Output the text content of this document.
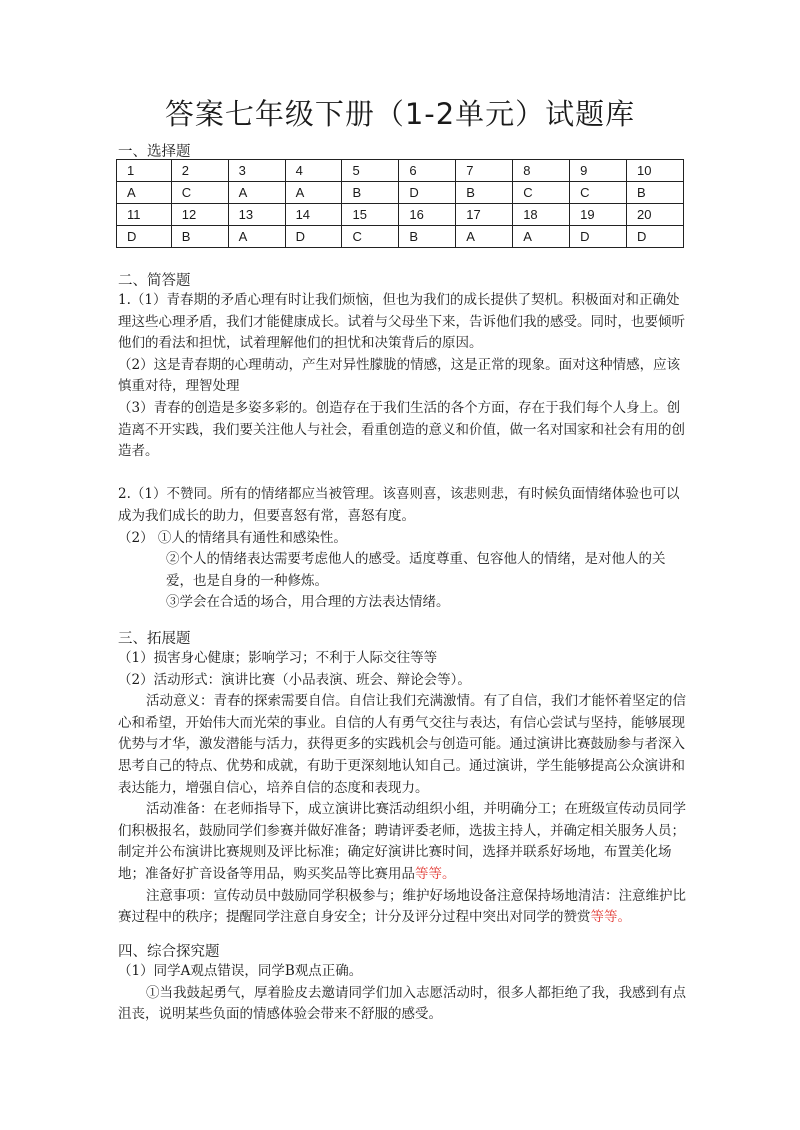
答案七年级下册（1-2单元）试题库
一、选择题
1	2	3	4	5	6	7	8	9	10
A	C	A	A	B	D	B	C	C	B
11	12	13	14	15	16	17	18	19	20
D	B	A	D	C	B	A	A	D	D
二、简答题

1.（1）青春期的矛盾心理有时让我们烦恼，但也为我们的成长提供了契机。积极面对和正确处理这些心理矛盾，我们才能健康成长。试着与父母坐下来，告诉他们我的感受。同时，也要倾听他们的看法和担忧，试着理解他们的担忧和决策背后的原因。

（2）这是青春期的心理萌动，产生对异性朦胧的情感，这是正常的现象。面对这种情感，应该慎重对待，理智处理

（3）青春的创造是多姿多彩的。创造存在于我们生活的各个方面，存在于我们每个人身上。创造离不开实践，我们要关注他人与社会，看重创造的意义和价值，做一名对国家和社会有用的创造者。

2.（1）不赞同。所有的情绪都应当被管理。该喜则喜，该悲则悲，有时候负面情绪体验也可以成为我们成长的助力，但要喜怒有常，喜怒有度。

（2） ①人的情绪具有通性和感染性。

②个人的情绪表达需要考虑他人的感受。适度尊重、包容他人的情绪，是对他人的关爱，也是自身的一种修炼。

③学会在合适的场合，用合理的方法表达情绪。

三、拓展题

（1）损害身心健康；影响学习；不利于人际交往等等

（2）活动形式：演讲比赛（小品表演、班会、辩论会等）。

活动意义：青春的探索需要自信。自信让我们充满激情。有了自信，我们才能怀着坚定的信心和希望，开始伟大而光荣的事业。自信的人有勇气交往与表达，有信心尝试与坚持，能够展现优势与才华，激发潜能与活力，获得更多的实践机会与创造可能。通过演讲比赛鼓励参与者深入思考自己的特点、优势和成就，有助于更深刻地认知自己。通过演讲，学生能够提高公众演讲和表达能力，增强自信心，培养自信的态度和表现力。

活动准备：在老师指导下，成立演讲比赛活动组织小组，并明确分工；在班级宣传动员同学们积极报名，鼓励同学们参赛并做好准备；聘请评委老师，选拔主持人，并确定相关服务人员；制定并公布演讲比赛规则及评比标准；确定好演讲比赛时间，选择并联系好场地，布置美化场地；准备好扩音设备等用品，购买奖品等比赛用品等等。

注意事项：宣传动员中鼓励同学积极参与；维护好场地设备注意保持场地清洁：注意维护比赛过程中的秩序；提醒同学注意自身安全；计分及评分过程中突出对同学的赞赏等等。

四、综合探究题

（1）同学A观点错误，同学B观点正确。

①当我鼓起勇气，厚着脸皮去邀请同学们加入志愿活动时，很多人都拒绝了我，我感到有点沮丧，说明某些负面的情感体验会带来不舒服的感受。
